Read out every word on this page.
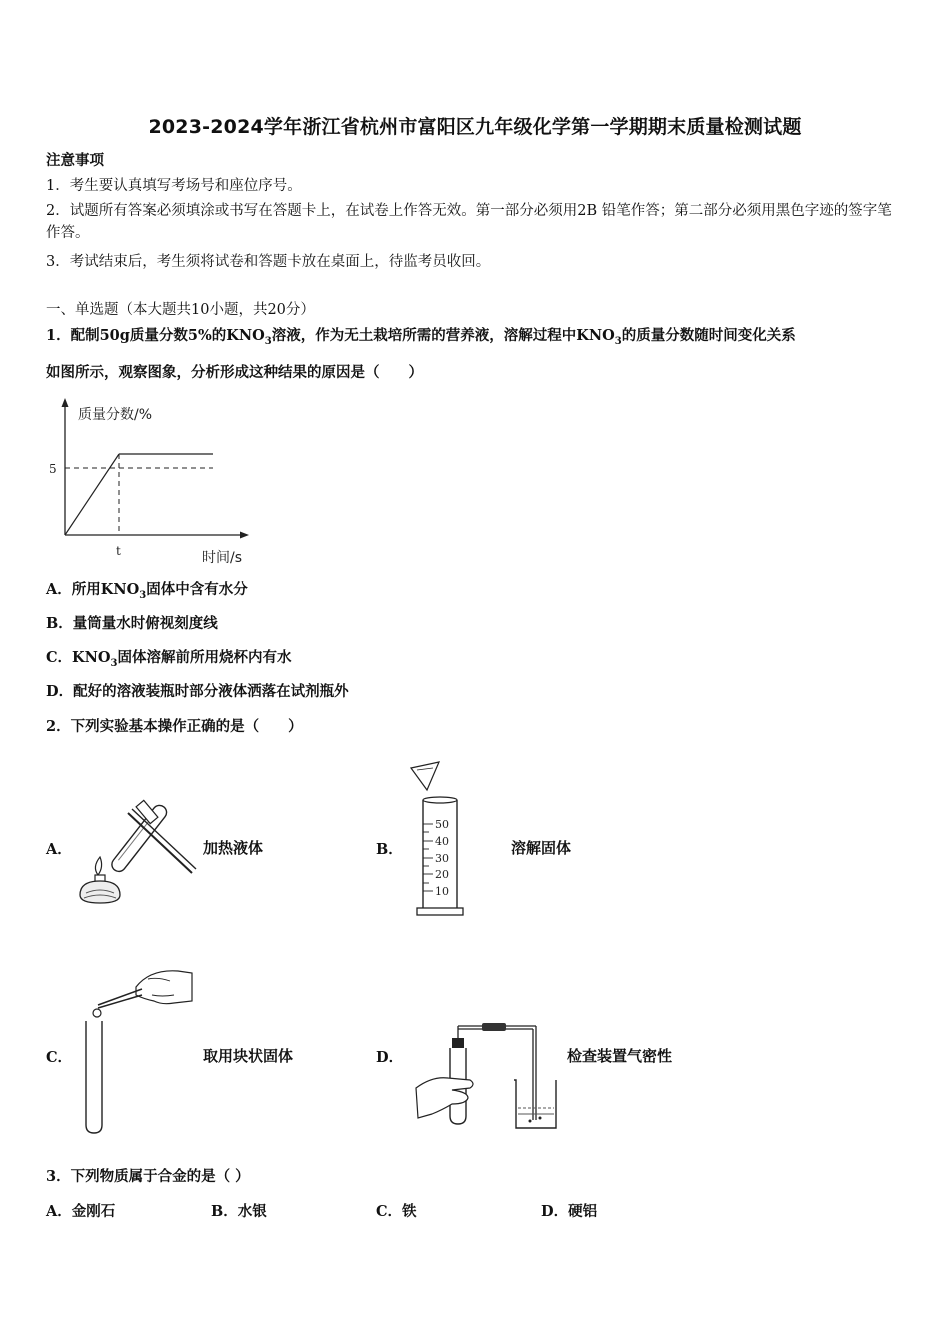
2023-2024学年浙江省杭州市富阳区九年级化学第一学期期末质量检测试题
注意事项
1．考生要认真填写考场号和座位序号。
2．试题所有答案必须填涂或书写在答题卡上，在试卷上作答无效。第一部分必须用2B 铅笔作答；第二部分必须用黑色字迹的签字笔作答。
3．考试结束后，考生须将试卷和答题卡放在桌面上，待监考员收回。
一、单选题（本大题共10小题，共20分）
1．配制50g质量分数5%的$KNO_3$溶液，作为无土栽培所需的营养液，溶解过程中$KNO_3$的质量分数随时间变化关系
如图所示，观察图象，分析形成这种结果的原因是（　　）
质量分数/%
时间/s
5
t
A．所用$KNO_3$固体中含有水分
B．量筒量水时俯视刻度线
C．$KNO_3$固体溶解前所用烧杯内有水
D．配好的溶液装瓶时部分液体洒落在试剂瓶外
2．下列实验基本操作正确的是（　　）
A．	加热液体	B．
50
40
30
20
10
溶解固体
C．	取用块状固体	D．	检查装置气密性
3．下列物质属于合金的是（ ）
A．金刚石	B．水银	C．铁	D．硬铝
